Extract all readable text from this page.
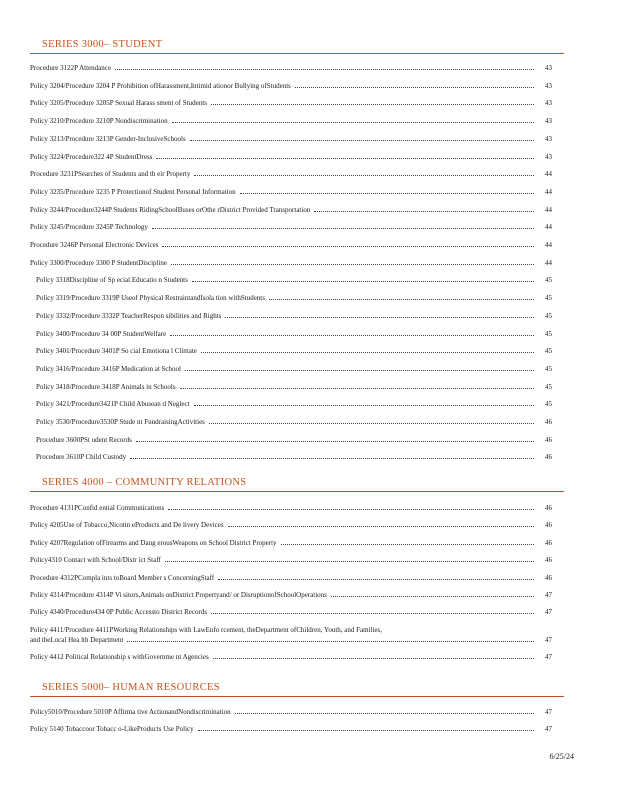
SERIES 3000– STUDENT
Procedure 3122P Attendance	43
Policy 3204/Procedure 3204 P Prohibition ofHarassment,Intimid ationor Bullying ofStudents	43
Policy 3205/Procedure 3205P Sexual Harass sment of Students	43
Policy 3210/Procedure 3210P Nondiscrimination	43
Policy 3213/Procedure 3213P Gender-InclusiveSchools	43
Policy 3224/Procedure322 4P StudentDress	43
Procedure 3231PSearches of Students and th eir Property	44
Policy 3235/Procedure 3235 P Protectionof Student Personal Information	44
Policy 3244/Procedure3244P Students RidingSchoolBuses orOthe rDistrict Provided Transportation	44
Policy 3245/Procedure 3245P Technology	44
Procedure 3246P Personal Electronic Devices	44
Policy 3300/Procedure 3300 P StudentDiscipline	44
Policy 3318Discipline of Sp ecial Educatio n Students	45
Policy 3319/Procedure 3319P Useof Physical RestraintandIsola tion withStudents	45
Policy 3332/Procedure 3332P TeacherRespon sibilities and Rights	45
Policy 3400/Procedure 34 00P StudentWelfare	45
Policy 3401/Procedure 3401P So cial Emotiona l Climate	45
Policy 3416/Procedure 3416P Medication at School	45
Policy 3418/Procedure 3418P Animals in Schools	45
Policy 3421/Procedure3421P Child Abusean d Neglect	45
Policy 3530/Procedure3530P Stude nt FundraisingActivities	46
Procedure 3600PSt udent Records	46
Procedure 3610P Child Custody	46
SERIES 4000 – COMMUNITY RELATIONS
Procedure 4131PConfid ential Communications	46
Policy 4205Use of Tobacco,Nicotin eProducts and De livery Devices	46
Policy 4207Regulation ofFirearms and Dang erousWeapons on School District Property	46
Policy4310 Contact with School/Distr ict Staff	46
Procedure 4312PCompla ints toBoard Member s ConcerningStaff	46
Policy 4314/Procedure 4314P Vi sitors,Animals onDistrict Propertyand/ or DisruptionofSchoolOperations	47
Policy 4340/Procedure434 0P Public Accessto District Records	47
Policy 4411/Procedure 4411PWorking Relationships with LawEnfo rcement, theDepartment ofChildren, Youth, and Families,
and theLocal Hea lth Department	47
Policy 4412 Political Relationship s withGovernme nt Agencies	47
SERIES 5000– HUMAN RESOURCES
Policy5010/Procedure 5010P Affirma tive ActionandNondiscrimination	47
Policy 5140 Tobaccoor Tobacc o-LikeProducts Use Policy	47
6/25/24
